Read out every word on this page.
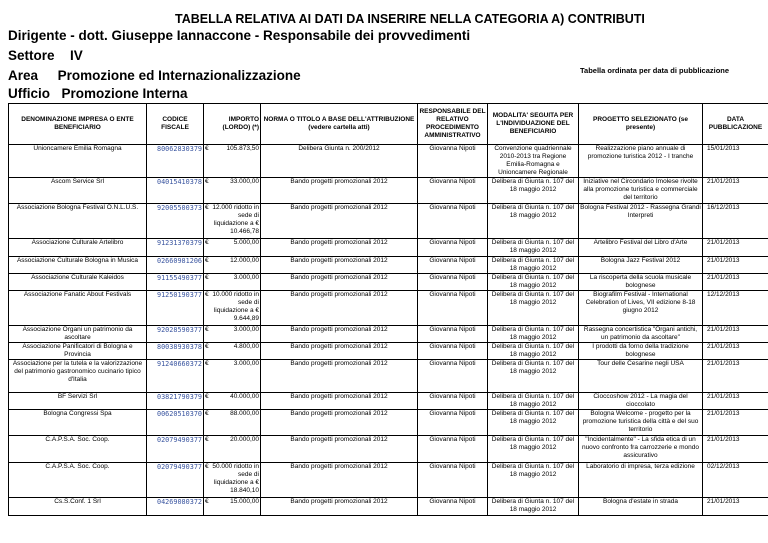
TABELLA RELATIVA AI DATI DA INSERIRE NELLA CATEGORIA A) CONTRIBUTI
Dirigente - dott. Giuseppe Iannaccone - Responsabile dei provvedimenti
Settore IV
Area Promozione ed Internazionalizzazione
Ufficio Promozione Interna
Tabella ordinata per data di pubblicazione
DENOMINAZIONE IMPRESA O ENTE BENEFICIARIO	CODICE FISCALE	IMPORTO (LORDO) (*)	NORMA O TITOLO A BASE DELL'ATTRIBUZIONE (vedere cartella atti)	RESPONSABILE DEL RELATIVO PROCEDIMENTO AMMINISTRATIVO	MODALITA' SEGUITA PER L'INDIVIDUAZIONE DEL BENEFICIARIO	PROGETTO SELEZIONATO (se presente)	DATA PUBBLICAZIONE
Unioncamere Emilia Romagna	80062830379	€ 105.873,50	Delibera Giunta n. 200/2012	Giovanna Nipoti	Convenzione quadriennale 2010-2013 tra Regione Emilia-Romagna e Unioncamere Regionale	Realizzazione piano annuale di promozione turistica 2012 - I tranche	15/01/2013
Ascom Service Srl	04015410378	€ 33.000,00	Bando progetti promozionali 2012	Giovanna Nipoti	Delibera di Giunta n. 107 del 18 maggio 2012	Iniziative nel Circondario Imolese rivolte alla promozione turistica e commerciale del territorio	21/01/2013
Associazione Bologna Festival O.N.L.U.S.	92005500373	€ 12.000 ridotto in sede di liquidazione a € 10.466,78	Bando progetti promozionali 2012	Giovanna Nipoti	Delibera di Giunta n. 107 del 18 maggio 2012	Bologna Festival 2012 - Rassegna Grandi Interpreti	16/12/2013
Associazione Culturale Artelibro	91231370379	€ 5.000,00	Bando progetti promozionali 2012	Giovanna Nipoti	Delibera di Giunta n. 107 del 18 maggio 2012	Artelibro Festival del Libro d'Arte	21/01/2013
Associazione Culturale Bologna in Musica	02660981206	€ 12.000,00	Bando progetti promozionali 2012	Giovanna Nipoti	Delibera di Giunta n. 107 del 18 maggio 2012	Bologna Jazz Festival 2012	21/01/2013
Associazione Culturale Kaleidos	91155490377	€ 3.000,00	Bando progetti promozionali 2012	Giovanna Nipoti	Delibera di Giunta n. 107 del 18 maggio 2012	La riscoperta della scuola musicale bolognese	21/01/2013
Associazione Fanatic About Festivals	91250190377	€ 10.000 ridotto in sede di liquidazione a € 9.644,89	Bando progetti promozionali 2012	Giovanna Nipoti	Delibera di Giunta n. 107 del 18 maggio 2012	Biografilm Festival - International Celebration of Lives, VII edizione 8-18 giugno 2012	12/12/2013
Associazione Organi un patrimonio da ascoltare	92028590377	€ 3.000,00	Bando progetti promozionali 2012	Giovanna Nipoti	Delibera di Giunta n. 107 del 18 maggio 2012	Rassegna concertistica "Organi antichi, un patrimonio da ascoltare"	21/01/2013
Associazione Panificatori di Bologna e Provincia	80038930378	€ 4.800,00	Bando progetti promozionali 2012	Giovanna Nipoti	Delibera di Giunta n. 107 del 18 maggio 2012	I prodotti da forno della tradizione bolognese	21/01/2013
Associazione per la tutela e la valorizzazione del patrimonio gastronomico cucinario tipico d'Italia	91240660372	€ 3.000,00	Bando progetti promozionali 2012	Giovanna Nipoti	Delibera di Giunta n. 107 del 18 maggio 2012	Tour delle Cesarine negli USA	21/01/2013
BF Servizi Srl	03821790379	€ 40.000,00	Bando progetti promozionali 2012	Giovanna Nipoti	Delibera di Giunta n. 107 del 18 maggio 2012	Cioccoshow 2012 - La magia del cioccolato	21/01/2013
Bologna Congressi Spa	00620510370	€ 88.000,00	Bando progetti promozionali 2012	Giovanna Nipoti	Delibera di Giunta n. 107 del 18 maggio 2012	Bologna Welcome - progetto per la promozione turistica della città e del suo territorio	21/01/2013
C.A.P.S.A. Soc. Coop.	02079490377	€ 20.000,00	Bando progetti promozionali 2012	Giovanna Nipoti	Delibera di Giunta n. 107 del 18 maggio 2012	"Incidentalmente" - La sfida etica di un nuovo confronto fra carrozzerie e mondo assicurativo	21/01/2013
C.A.P.S.A. Soc. Coop.	02079490377	€ 50.000 ridotto in sede di liquidazione a € 18.840,10	Bando progetti promozionali 2012	Giovanna Nipoti	Delibera di Giunta n. 107 del 18 maggio 2012	Laboratorio di impresa, terza edizione	02/12/2013
Cs.S.Conf. 1 Srl	04269080372	€ 15.000,00	Bando progetti promozionali 2012	Giovanna Nipoti	Delibera di Giunta n. 107 del 18 maggio 2012	Bologna d'estate in strada	21/01/2013
